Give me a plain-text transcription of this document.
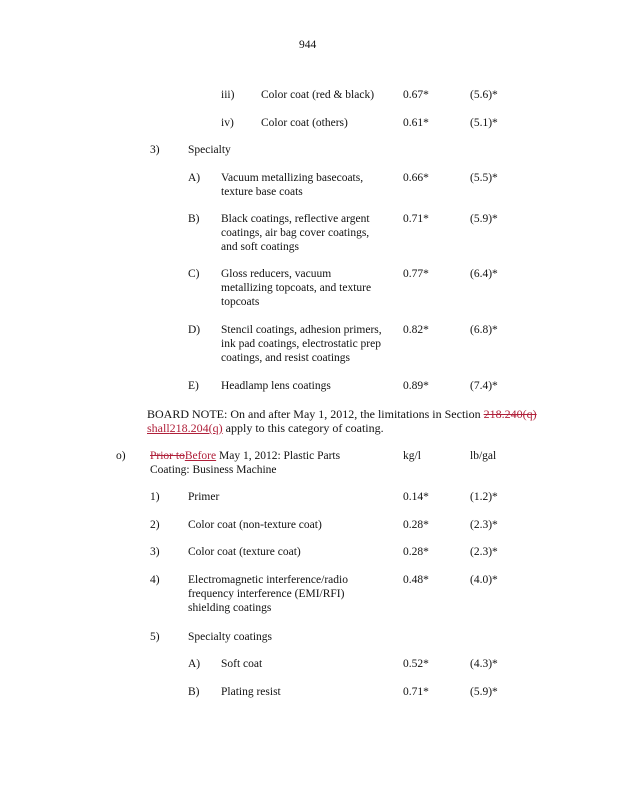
944
iii) Color coat (red & black)	0.67*	(5.6)*
iv) Color coat (others)	0.61*	(5.1)*
3) Specialty
A) Vacuum metallizing basecoats,
texture base coats
0.66*	(5.5)*
B) Black coatings, reflective argent
coatings, air bag cover coatings,
and soft coatings
0.71*	(5.9)*
C) Gloss reducers, vacuum
metallizing topcoats, and texture
topcoats
0.77*	(6.4)*
D) Stencil coatings, adhesion primers,
ink pad coatings, electrostatic prep
coatings, and resist coatings
0.82*	(6.8)*
E) Headlamp lens coatings	0.89*	(7.4)*
BOARD NOTE: On and after May 1, 2012, the limitations in Section 218.240(q) shall218.204(q) apply to this category of coating.
o) Prior toBefore May 1, 2012: Plastic Parts
Coating: Business Machine
kg/l	lb/gal
1) Primer	0.14*	(1.2)*
2) Color coat (non-texture coat)	0.28*	(2.3)*
3) Color coat (texture coat)	0.28*	(2.3)*
4) Electromagnetic interference/radio
frequency interference (EMI/RFI)
shielding coatings
0.48*	(4.0)*
5) Specialty coatings
A) Soft coat	0.52*	(4.3)*
B) Plating resist	0.71*	(5.9)*
